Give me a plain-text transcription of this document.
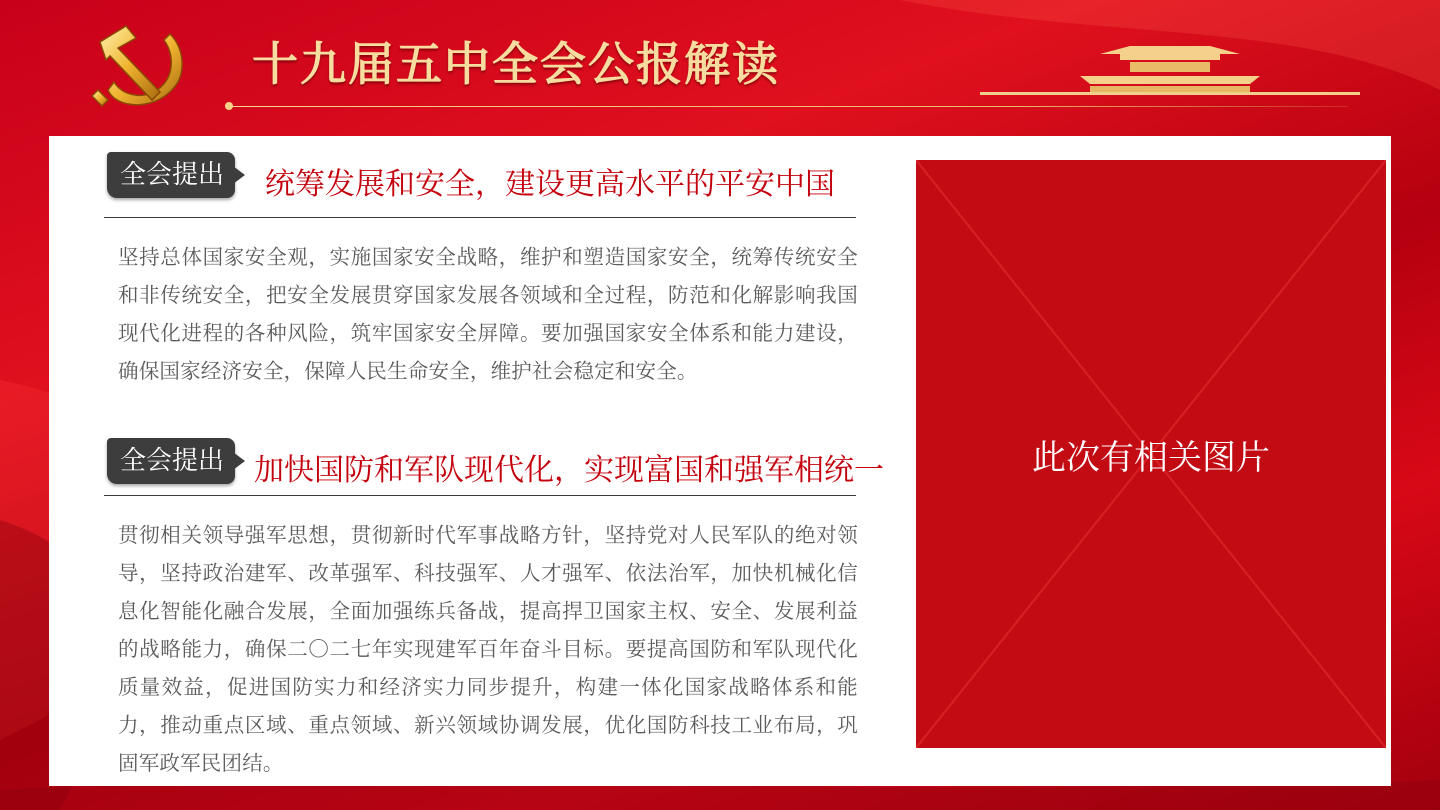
十九届五中全会公报解读
全会提出	统筹发展和安全，建设更高水平的平安中国
坚持总体国家安全观，实施国家安全战略，维护和塑造国家安全，统筹传统安全和非传统安全，把安全发展贯穿国家发展各领域和全过程，防范和化解影响我国现代化进程的各种风险，筑牢国家安全屏障。要加强国家安全体系和能力建设，确保国家经济安全，保障人民生命安全，维护社会稳定和安全。
全会提出 加快国防和军队现代化，实现富国和强军相统一
贯彻相关领导强军思想，贯彻新时代军事战略方针，坚持党对人民军队的绝对领导，坚持政治建军、改革强军、科技强军、人才强军、依法治军，加快机械化信息化智能化融合发展，全面加强练兵备战，提高捍卫国家主权、安全、发展利益的战略能力，确保二〇二七年实现建军百年奋斗目标。要提高国防和军队现代化质量效益，促进国防实力和经济实力同步提升，构建一体化国家战略体系和能力，推动重点区域、重点领域、新兴领域协调发展，优化国防科技工业布局，巩固军政军民团结。
此次有相关图片
